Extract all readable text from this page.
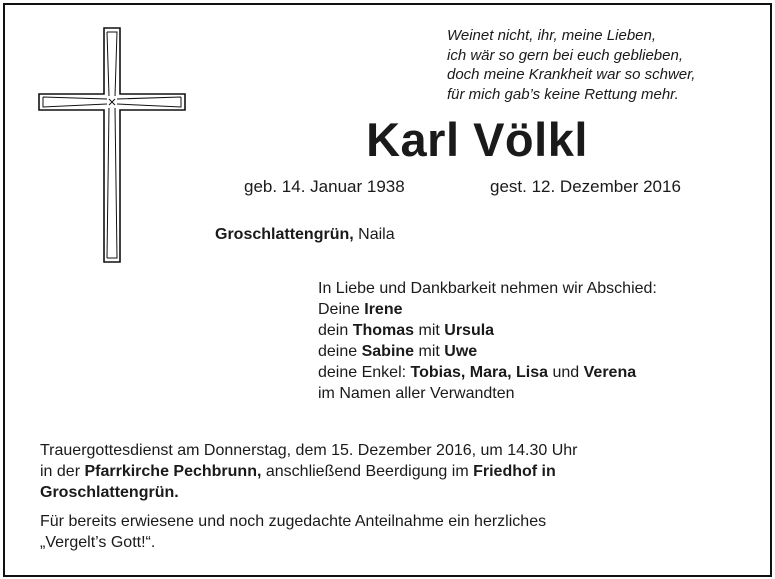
Weinet nicht, ihr, meine Lieben,
ich wär so gern bei euch geblieben,
doch meine Krankheit war so schwer,
für mich gab’s keine Rettung mehr.
Karl Völkl
geb. 14. Januar 1938	gest. 12. Dezember 2016
Groschlattengrün, Naila
In Liebe und Dankbarkeit nehmen wir Abschied:
Deine Irene
dein Thomas mit Ursula
deine Sabine mit Uwe
deine Enkel: Tobias, Mara, Lisa und Verena
im Namen aller Verwandten
Trauergottesdienst am Donnerstag, dem 15. Dezember 2016, um 14.30 Uhr
in der Pfarrkirche Pechbrunn, anschließend Beerdigung im Friedhof in
Groschlattengrün.
Für bereits erwiesene und noch zugedachte Anteilnahme ein herzliches
„Vergelt’s Gott!“.
